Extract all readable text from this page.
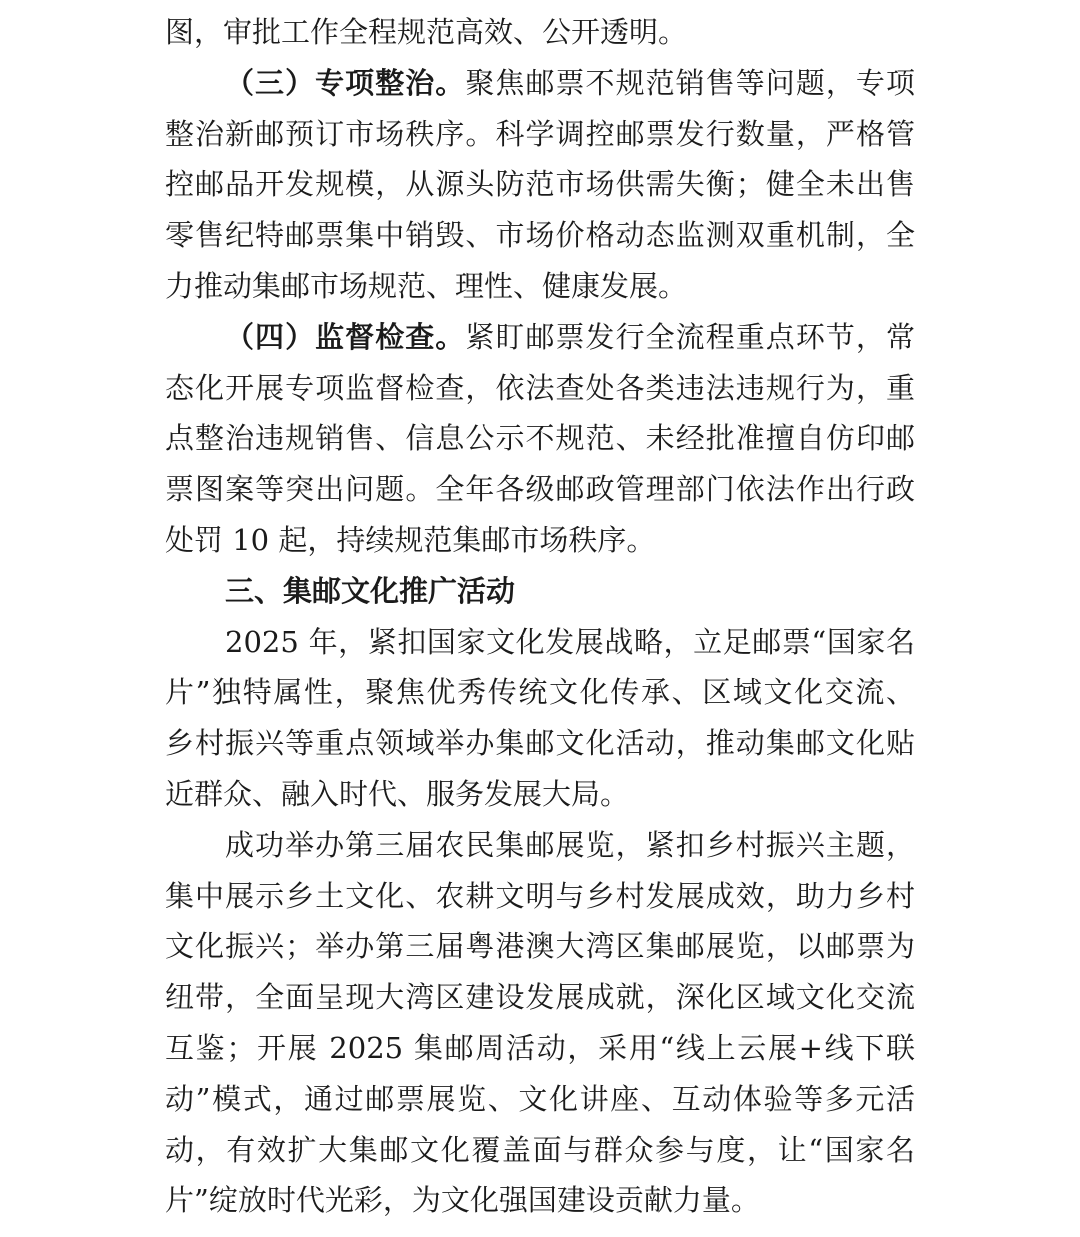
图，审批工作全程规范高效、公开透明。
（三）专项整治。聚焦邮票不规范销售等问题，专项
整治新邮预订市场秩序。科学调控邮票发行数量，严格管
控邮品开发规模，从源头防范市场供需失衡；健全未出售
零售纪特邮票集中销毁、市场价格动态监测双重机制，全
力推动集邮市场规范、理性、健康发展。
（四）监督检查。紧盯邮票发行全流程重点环节，常
态化开展专项监督检查，依法查处各类违法违规行为，重
点整治违规销售、信息公示不规范、未经批准擅自仿印邮
票图案等突出问题。全年各级邮政管理部门依法作出行政
处罚 10 起，持续规范集邮市场秩序。
三、集邮文化推广活动
2025 年，紧扣国家文化发展战略，立足邮票“国家名
片”独特属性，聚焦优秀传统文化传承、区域文化交流、
乡村振兴等重点领域举办集邮文化活动，推动集邮文化贴
近群众、融入时代、服务发展大局。
成功举办第三届农民集邮展览，紧扣乡村振兴主题，
集中展示乡土文化、农耕文明与乡村发展成效，助力乡村
文化振兴；举办第三届粤港澳大湾区集邮展览，以邮票为
纽带，全面呈现大湾区建设发展成就，深化区域文化交流
互鉴；开展 2025 集邮周活动，采用“线上云展+线下联
动”模式，通过邮票展览、文化讲座、互动体验等多元活
动，有效扩大集邮文化覆盖面与群众参与度，让“国家名
片”绽放时代光彩，为文化强国建设贡献力量。
